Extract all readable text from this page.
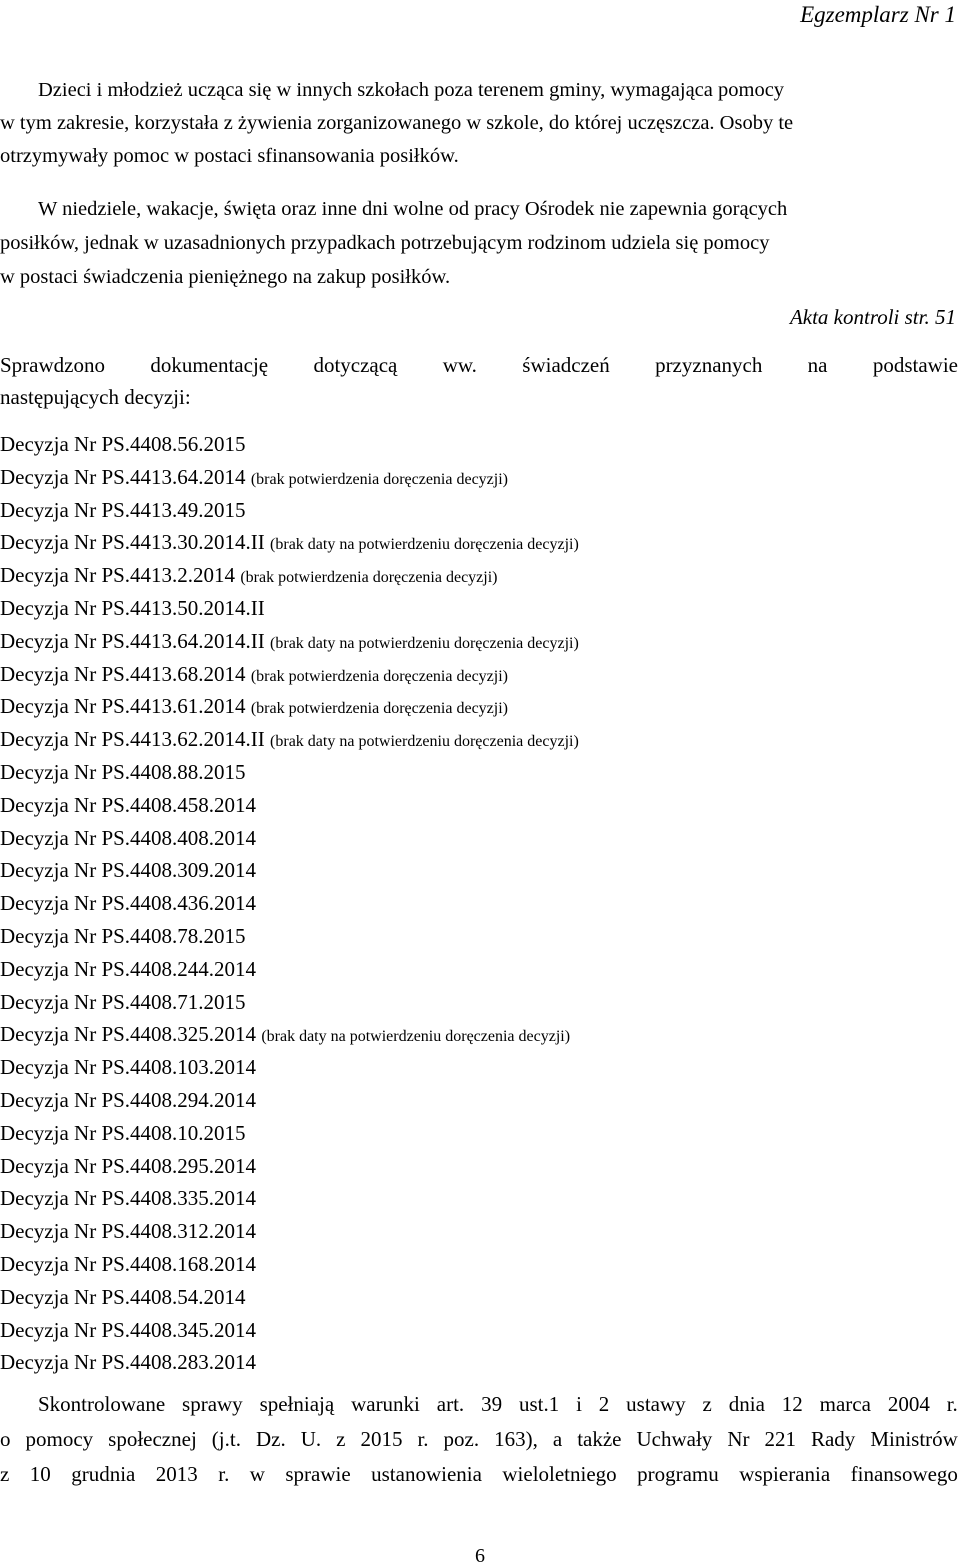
Egzemplarz Nr 1
Dzieci i młodzież ucząca się w innych szkołach poza terenem gminy, wymagająca pomocy
w tym zakresie, korzystała z żywienia zorganizowanego w szkole, do której uczęszcza. Osoby te
otrzymywały pomoc w postaci sfinansowania posiłków.
W niedziele, wakacje, święta oraz inne dni wolne od pracy Ośrodek nie zapewnia gorących
posiłków, jednak w uzasadnionych przypadkach potrzebującym rodzinom udziela się pomocy
w postaci świadczenia pieniężnego na zakup posiłków.
Akta kontroli str. 51
Sprawdzono dokumentację dotyczącą ww. świadczeń przyznanych na podstawie
następujących decyzji:
Decyzja Nr PS.4408.56.2015
Decyzja Nr PS.4413.64.2014 (brak potwierdzenia doręczenia decyzji)
Decyzja Nr PS.4413.49.2015
Decyzja Nr PS.4413.30.2014.II (brak daty na potwierdzeniu doręczenia decyzji)
Decyzja Nr PS.4413.2.2014 (brak potwierdzenia doręczenia decyzji)
Decyzja Nr PS.4413.50.2014.II
Decyzja Nr PS.4413.64.2014.II (brak daty na potwierdzeniu doręczenia decyzji)
Decyzja Nr PS.4413.68.2014 (brak potwierdzenia doręczenia decyzji)
Decyzja Nr PS.4413.61.2014 (brak potwierdzenia doręczenia decyzji)
Decyzja Nr PS.4413.62.2014.II (brak daty na potwierdzeniu doręczenia decyzji)
Decyzja Nr PS.4408.88.2015
Decyzja Nr PS.4408.458.2014
Decyzja Nr PS.4408.408.2014
Decyzja Nr PS.4408.309.2014
Decyzja Nr PS.4408.436.2014
Decyzja Nr PS.4408.78.2015
Decyzja Nr PS.4408.244.2014
Decyzja Nr PS.4408.71.2015
Decyzja Nr PS.4408.325.2014 (brak daty na potwierdzeniu doręczenia decyzji)
Decyzja Nr PS.4408.103.2014
Decyzja Nr PS.4408.294.2014
Decyzja Nr PS.4408.10.2015
Decyzja Nr PS.4408.295.2014
Decyzja Nr PS.4408.335.2014
Decyzja Nr PS.4408.312.2014
Decyzja Nr PS.4408.168.2014
Decyzja Nr PS.4408.54.2014
Decyzja Nr PS.4408.345.2014
Decyzja Nr PS.4408.283.2014
Skontrolowane sprawy spełniają warunki art. 39 ust.1 i 2 ustawy z dnia 12 marca 2004 r.
o pomocy społecznej (j.t. Dz. U. z 2015 r. poz. 163), a także Uchwały Nr 221 Rady Ministrów
z 10 grudnia 2013 r. w sprawie ustanowienia wieloletniego programu wspierania finansowego
6
